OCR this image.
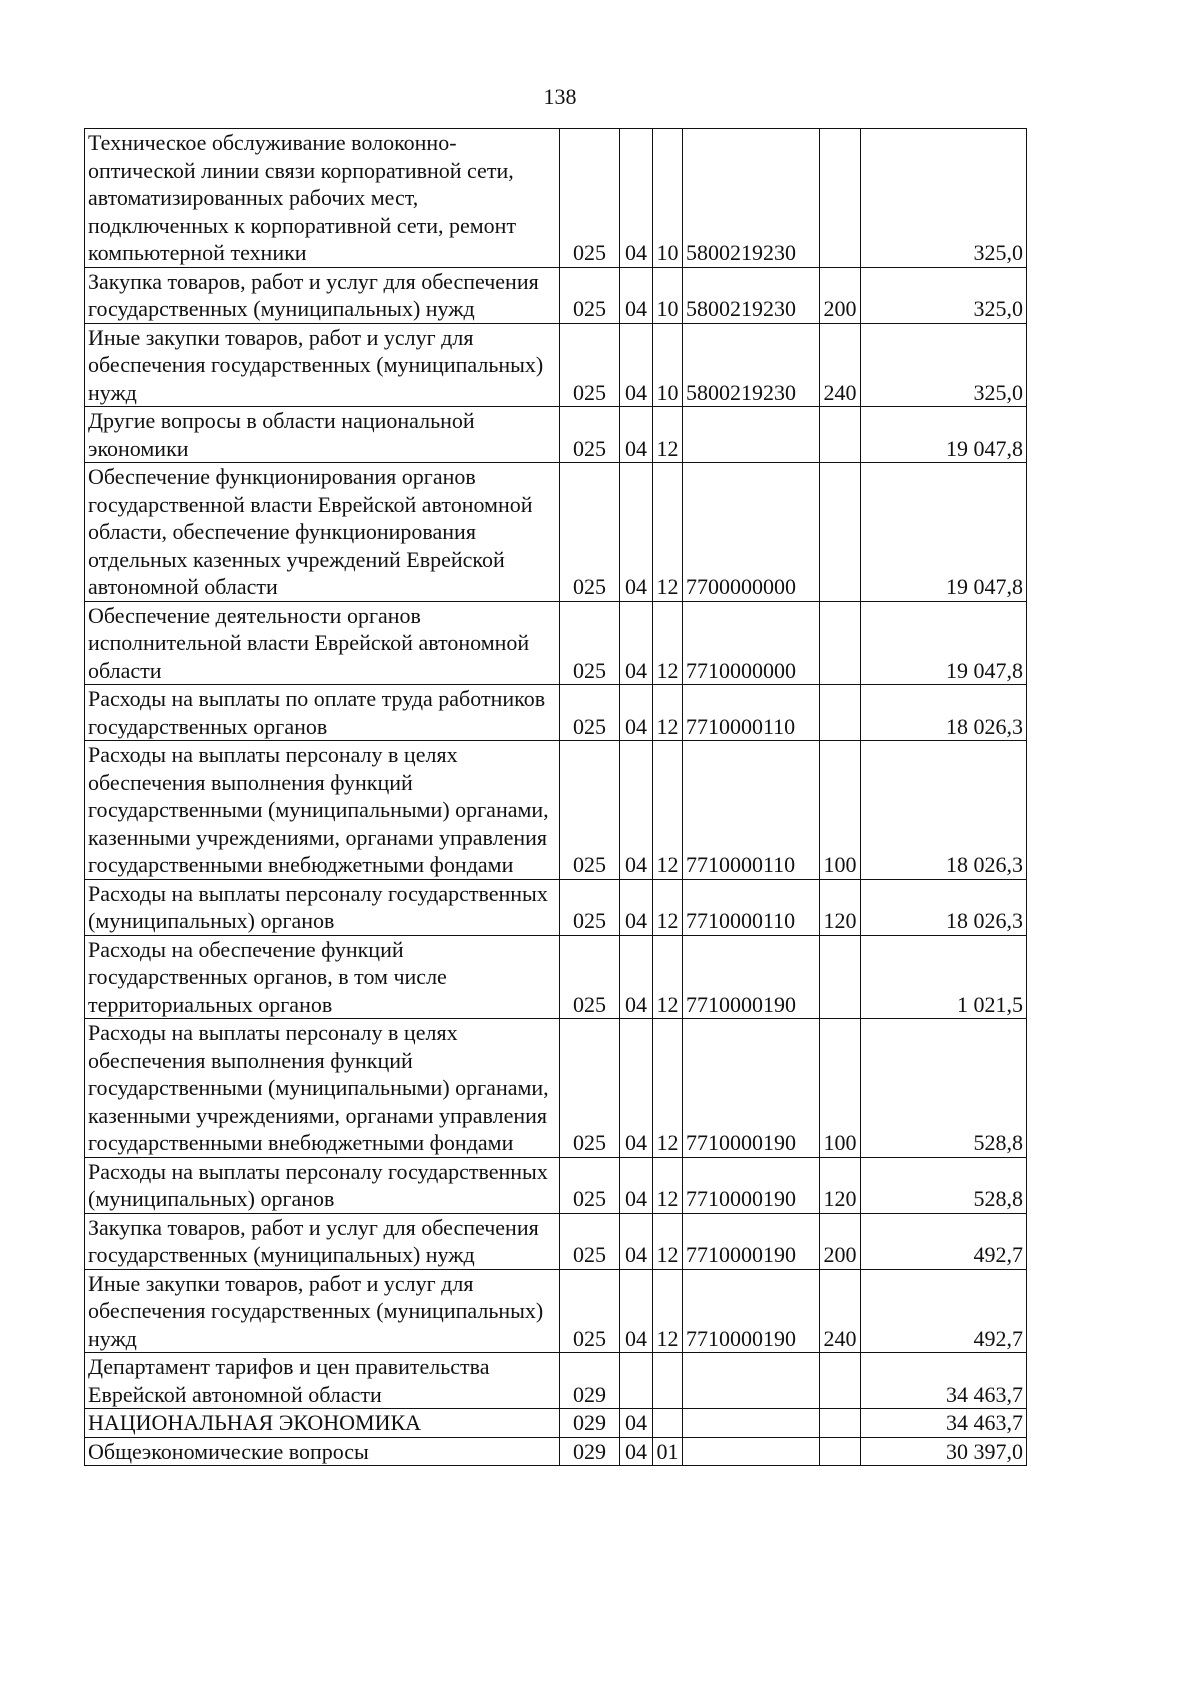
138
Техническое обслуживание волоконно-оптической линии связи корпоративной сети, автоматизированных рабочих мест, подключенных к корпоративной сети, ремонт компьютерной техники	025	04	10	5800219230		325,0
Закупка товаров, работ и услуг для обеспечения государственных (муниципальных) нужд	025	04	10	5800219230	200	325,0
Иные закупки товаров, работ и услуг для обеспечения государственных (муниципальных) нужд	025	04	10	5800219230	240	325,0
Другие вопросы в области национальной экономики	025	04	12			19 047,8
Обеспечение функционирования органов государственной власти Еврейской автономной области, обеспечение функционирования отдельных казенных учреждений Еврейской автономной области	025	04	12	7700000000		19 047,8
Обеспечение деятельности органов исполнительной власти Еврейской автономной области	025	04	12	7710000000		19 047,8
Расходы на выплаты по оплате труда работников государственных органов	025	04	12	7710000110		18 026,3
Расходы на выплаты персоналу в целях обеспечения выполнения функций государственными (муниципальными) органами, казенными учреждениями, органами управления государственными внебюджетными фондами	025	04	12	7710000110	100	18 026,3
Расходы на выплаты персоналу государственных (муниципальных) органов	025	04	12	7710000110	120	18 026,3
Расходы на обеспечение функций государственных органов, в том числе территориальных органов	025	04	12	7710000190		1 021,5
Расходы на выплаты персоналу в целях обеспечения выполнения функций государственными (муниципальными) органами, казенными учреждениями, органами управления государственными внебюджетными фондами	025	04	12	7710000190	100	528,8
Расходы на выплаты персоналу государственных (муниципальных) органов	025	04	12	7710000190	120	528,8
Закупка товаров, работ и услуг для обеспечения государственных (муниципальных) нужд	025	04	12	7710000190	200	492,7
Иные закупки товаров, работ и услуг для обеспечения государственных (муниципальных) нужд	025	04	12	7710000190	240	492,7
Департамент тарифов и цен правительства Еврейской автономной области	029					34 463,7
НАЦИОНАЛЬНАЯ ЭКОНОМИКА	029	04				34 463,7
Общеэкономические вопросы	029	04	01			30 397,0
